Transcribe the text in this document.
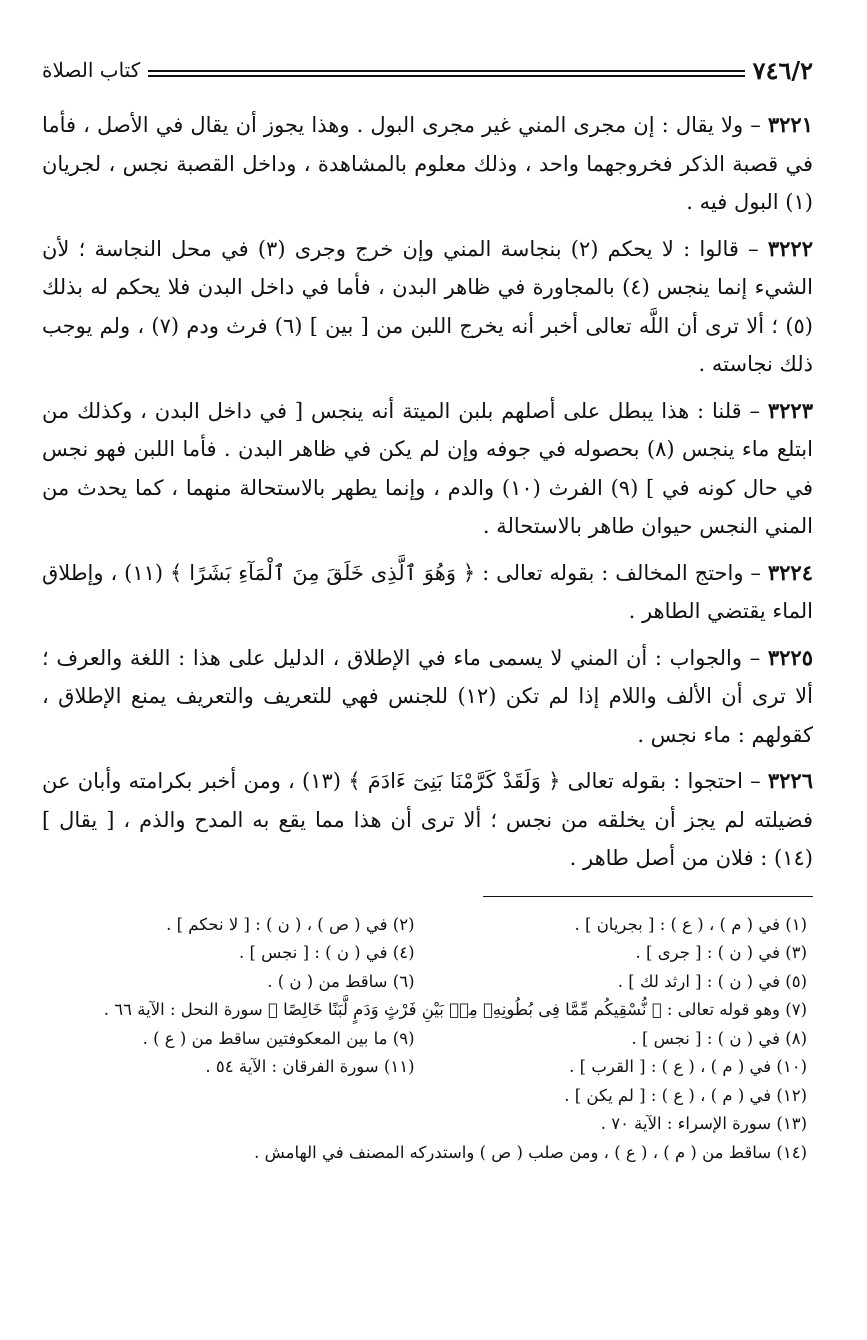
٧٤٦/٢
كتاب الصلاة

٣٢٢١ – ولا يقال : إن مجرى المني غير مجرى البول . وهذا يجوز أن يقال في الأصل ، فأما في قصبة الذكر فخروجهما واحد ، وذلك معلوم بالمشاهدة ، وداخل القصبة نجس ، لجريان (١) البول فيه .

٣٢٢٢ – قالوا : لا يحكم (٢) بنجاسة المني وإن خرج وجرى (٣) في محل النجاسة ؛ لأن الشيء إنما ينجس (٤) بالمجاورة في ظاهر البدن ، فأما في داخل البدن فلا يحكم له بذلك (٥) ؛ ألا ترى أن اللَّه تعالى أخبر أنه يخرج اللبن من [ بين ] (٦) فرث ودم (٧) ، ولم يوجب ذلك نجاسته .

٣٢٢٣ – قلنا : هذا يبطل على أصلهم بلبن الميتة أنه ينجس [ في داخل البدن ، وكذلك من ابتلع ماء ينجس (٨) بحصوله في جوفه وإن لم يكن في ظاهر البدن . فأما اللبن فهو نجس في حال كونه في ] (٩) الفرث (١٠) والدم ، وإنما يطهر بالاستحالة منهما ، كما يحدث من المني النجس حيوان طاهر بالاستحالة .

٣٢٢٤ – واحتج المخالف : بقوله تعالى : ﴿ وَهُوَ ٱلَّذِى خَلَقَ مِنَ ٱلْمَآءِ بَشَرًا ﴾ (١١) ، وإطلاق الماء يقتضي الطاهر .

٣٢٢٥ – والجواب : أن المني لا يسمى ماء في الإطلاق ، الدليل على هذا : اللغة والعرف ؛ ألا ترى أن الألف واللام إذا لم تكن (١٢) للجنس فهي للتعريف والتعريف يمنع الإطلاق ، كقولهم : ماء نجس .

٣٢٢٦ – احتجوا : بقوله تعالى ﴿ وَلَقَدْ كَرَّمْنَا بَنِىٓ ءَادَمَ ﴾ (١٣) ، ومن أخبر بكرامته وأبان عن فضيلته لم يجز أن يخلقه من نجس ؛ ألا ترى أن هذا مما يقع به المدح والذم ، [ يقال ] (١٤) : فلان من أصل طاهر .

(١) في ( م ) ، ( ع ) : [ بجريان ] .
(٢) في ( ص ) ، ( ن ) : [ لا نحكم ] .
(٣) في ( ن ) : [ جرى ] .
(٤) في ( ن ) : [ نجس ] .
(٥) في ( ن ) : [ ارثد لك ] .
(٦) ساقط من ( ن ) .
(٧) وهو قوله تعالى : ﴿ نُّسْقِيكُم مِّمَّا فِى بُطُونِهِۦ مِنۢ بَيْنِ فَرْثٍ وَدَمٍ لَّبَنًا خَالِصًا ﴾ سورة النحل : الآية ٦٦ .
(٨) في ( ن ) : [ نجس ] .
(٩) ما بين المعكوفتين ساقط من ( ع ) .
(١٠) في ( م ) ، ( ع ) : [ القرب ] .
(١١) سورة الفرقان : الآية ٥٤ .
(١٢) في ( م ) ، ( ع ) : [ لم يكن ] .
(١٣) سورة الإسراء : الآية ٧٠ .
(١٤) ساقط من ( م ) ، ( ع ) ، ومن صلب ( ص ) واستدركه المصنف في الهامش .
